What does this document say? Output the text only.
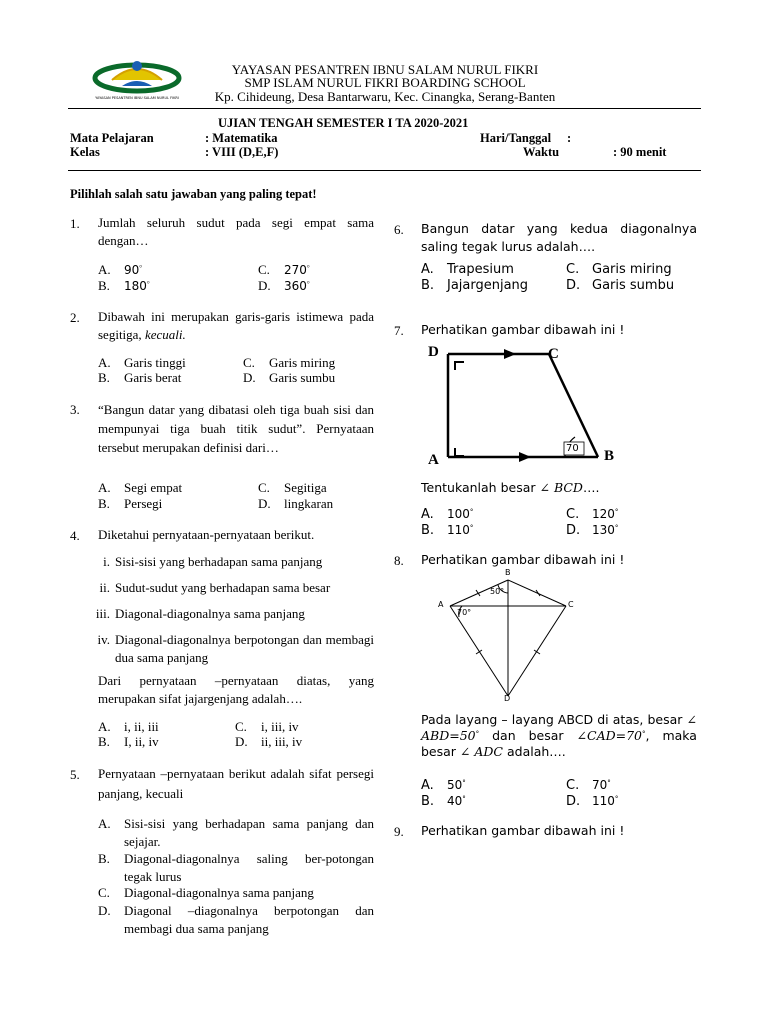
YAYASAN PESANTREN IBNU SALAM NURUL FIKRI
YAYASAN PESANTREN IBNU SALAM NURUL FIKRI
SMP ISLAM NURUL FIKRI BOARDING SCHOOL
Kp. Cihideung, Desa Bantarwaru, Kec. Cinangka, Serang-Banten
UJIAN TENGAH SEMESTER I TA 2020-2021
Mata Pelajaran	: Matematika	Hari/Tanggal :
Kelas	: VIII (D,E,F)	Waktu	: 90 menit
Pilihlah salah satu jawaban yang paling tepat!
1. Jumlah seluruh sudut pada segi empat sama dengan…
A. 90°
B. 180°
C. 270°
D. 360°
2. Dibawah ini merupakan garis-garis istimewa pada segitiga, kecuali.
A. Garis tinggi
B. Garis berat
C. Garis miring
D. Garis sumbu
3. “Bangun datar yang dibatasi oleh tiga buah sisi dan mempunyai tiga buah titik sudut”. Pernyataan tersebut merupakan definisi dari…
A. Segi empat
B. Persegi
C. Segitiga
D. lingkaran
4. Diketahui pernyataan-pernyataan berikut.
i. Sisi-sisi yang berhadapan sama panjang
ii. Sudut-sudut yang berhadapan sama besar
iii. Diagonal-diagonalnya sama panjang
iv. Diagonal-diagonalnya berpotongan dan membagi dua sama panjang
Dari pernyataan –pernyataan diatas, yang merupakan sifat jajargenjang adalah….
A. i, ii, iii
B. I, ii, iv
C. i, iii, iv
D. ii, iii, iv
5. Pernyataan –pernyataan berikut adalah sifat persegi panjang, kecuali
A. Sisi-sisi yang berhadapan sama panjang dan sejajar.
B. Diagonal-diagonalnya saling ber-potongan tegak lurus
C. Diagonal-diagonalnya sama panjang
D. Diagonal –diagonalnya berpotongan dan membagi dua sama panjang
6. Bangun datar yang kedua diagonalnya saling tegak lurus adalah….
A. Trapesium
B. Jajargenjang
C. Garis miring
D. Garis sumbu
7. Perhatikan gambar dibawah ini !
D	C
A	B
70
Tentukanlah besar ∠ BCD….
A. 100°
B. 110°
C. 120°
D. 130°
8. Perhatikan gambar dibawah ini !
B
A	C
D
50°
70°
Pada layang – layang ABCD di atas, besar ∠ ABD=50° dan besar ∠CAD=70°, maka besar ∠ ADC adalah….
A. 50°
B. 40°
C. 70°
D. 110°
9. Perhatikan gambar dibawah ini !
